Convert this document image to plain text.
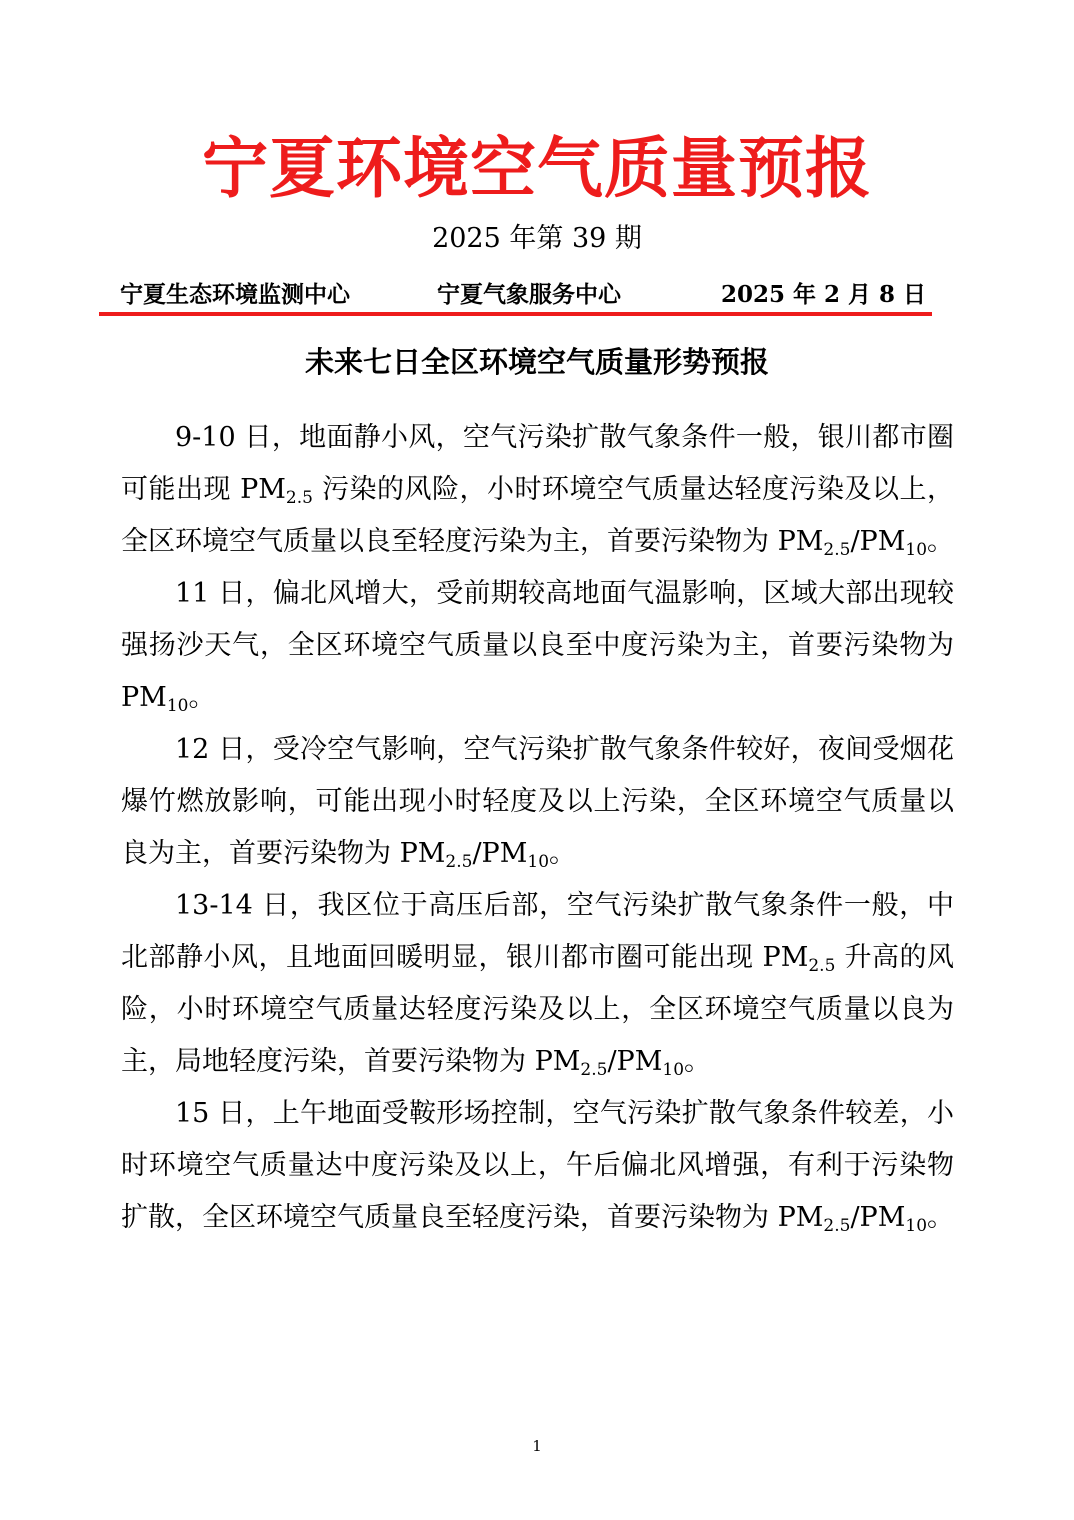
宁夏环境空气质量预报
2025 年第 39 期
宁夏生态环境监测中心	宁夏气象服务中心	2025 年 2 月 8 日
未来七日全区环境空气质量形势预报

9-10 日，地面静小风，空气污染扩散气象条件一般，银川都市圈可能出现 $PM_{2.5}$ 污染的风险，小时环境空气质量达轻度污染及以上，全区环境空气质量以良至轻度污染为主，首要污染物为 $PM_{2.5}/PM_{10}$。

11 日，偏北风增大，受前期较高地面气温影响，区域大部出现较强扬沙天气，全区环境空气质量以良至中度污染为主，首要污染物为 $PM_{10}$。

12 日，受冷空气影响，空气污染扩散气象条件较好，夜间受烟花爆竹燃放影响，可能出现小时轻度及以上污染，全区环境空气质量以良为主，首要污染物为 $PM_{2.5}/PM_{10}$。

13-14 日，我区位于高压后部，空气污染扩散气象条件一般，中北部静小风，且地面回暖明显，银川都市圈可能出现 $PM_{2.5}$ 升高的风险，小时环境空气质量达轻度污染及以上，全区环境空气质量以良为主，局地轻度污染，首要污染物为 $PM_{2.5}/PM_{10}$。

15 日，上午地面受鞍形场控制，空气污染扩散气象条件较差，小时环境空气质量达中度污染及以上，午后偏北风增强，有利于污染物扩散，全区环境空气质量良至轻度污染，首要污染物为 $PM_{2.5}/PM_{10}$。

1
